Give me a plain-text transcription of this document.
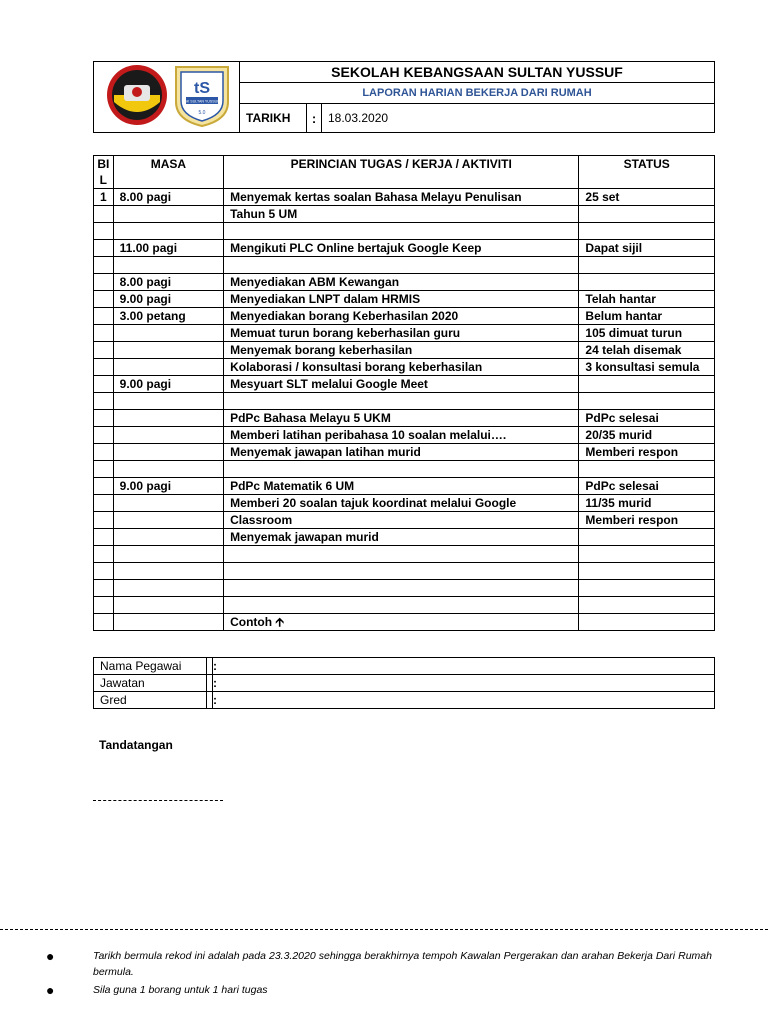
tS
SK SULTAN YUSSUF
5.0	SEKOLAH KEBANGSAAN SULTAN YUSSUF		
	LAPORAN HARIAN BEKERJA DARI RUMAH		
	TARIKH	:	18.03.2020
BI
L	MASA	PERINCIAN TUGAS / KERJA / AKTIVITI	STATUS
1	8.00 pagi	Menyemak kertas soalan Bahasa Melayu Penulisan	25 set
		Tahun 5 UM	

	11.00 pagi	Mengikuti PLC Online bertajuk Google Keep	Dapat sijil

	8.00 pagi	Menyediakan ABM Kewangan	
	9.00 pagi	Menyediakan LNPT dalam HRMIS	Telah hantar
	3.00 petang	Menyediakan borang Keberhasilan 2020	Belum hantar
		Memuat turun borang keberhasilan guru	105 dimuat turun
		Menyemak borang keberhasilan	24 telah disemak
		Kolaborasi / konsultasi borang keberhasilan	3 konsultasi semula
	9.00 pagi	Mesyuart SLT melalui Google Meet	

		PdPc Bahasa Melayu 5 UKM	PdPc selesai
		Memberi latihan peribahasa 10 soalan melalui….	20/35 murid
		Menyemak jawapan latihan murid	Memberi respon

	9.00 pagi	PdPc Matematik 6 UM	PdPc selesai
		Memberi 20 soalan tajuk koordinat melalui Google	11/35 murid
		Classroom	Memberi respon
		Menyemak jawapan murid	

		Contoh 🡩	
Nama Pegawai	:	
Jawatan	:	
Gred	:	
Tandatangan
●	Tarikh bermula rekod ini adalah pada 23.3.2020 sehingga berakhirnya tempoh Kawalan Pergerakan dan arahan Bekerja Dari Rumah bermula.
●	Sila guna 1 borang untuk 1 hari tugas
